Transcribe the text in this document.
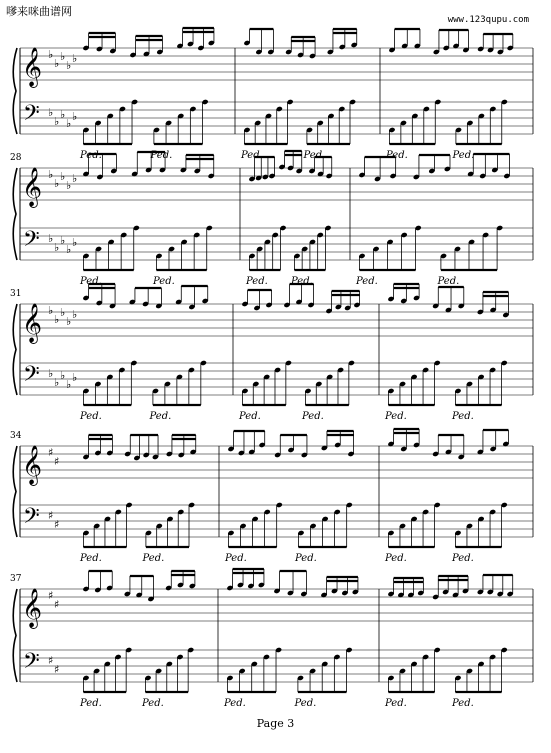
嗲来咪曲谱网
www.123qupu.com
𝄞
𝄢
♭
♭
♭
♭
♭
♭
♭
♭
♭
♭
Ped.	Ped.	Ped.	Ped.	Ped.	Ped.
𝄞
𝄢
♭
♭
♭
♭
♭
♭
♭
♭
♭
♭
28
Ped.	Ped.	Ped. Ped.	Ped.	Ped.
𝄞
𝄢
♭
♭
♭
♭
♭
♭
♭
♭
♭
♭
31
Ped.	Ped.	Ped.	Ped.	Ped.	Ped.
𝄞
𝄢
♯
♯
♯
♯
34
Ped.	Ped.	Ped.	Ped.	Ped.	Ped.
𝄞
𝄢
♯
♯
♯
♯
37
Ped.	Ped.	Ped.	Ped.	Ped.	Ped.
Page 3
